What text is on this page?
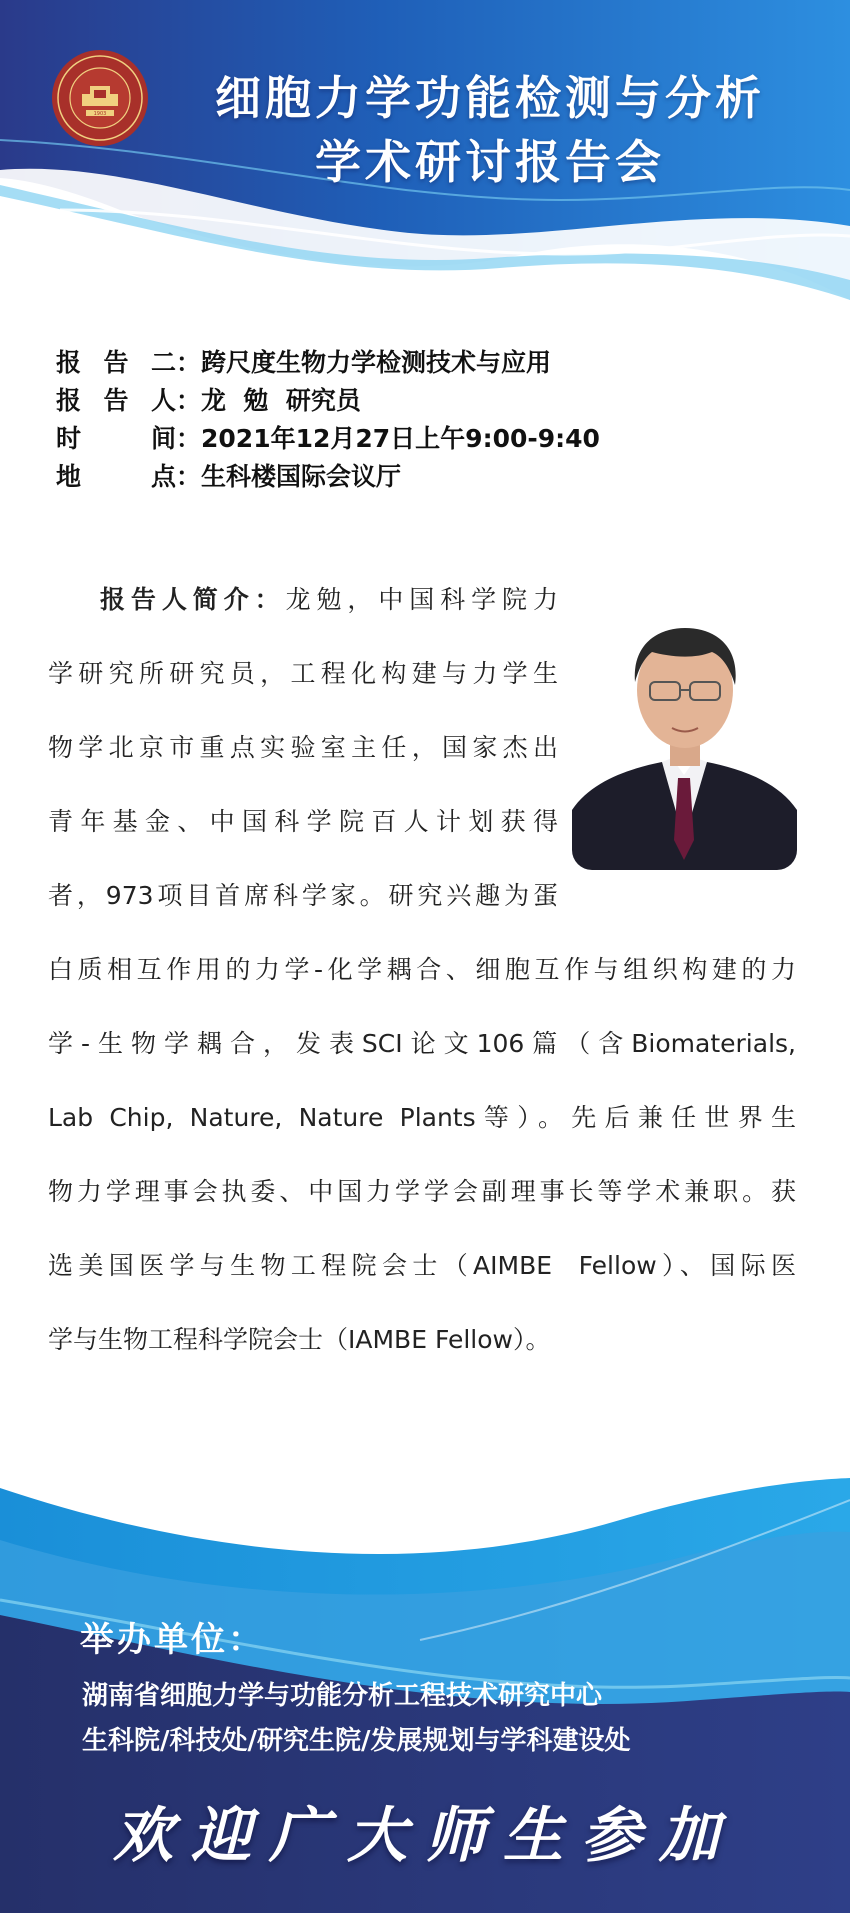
1903	细胞力学功能检测与分析
学术研讨报告会
报告二：跨尺度生物力学检测技术与应用
报告人：龙  勉  研究员
时 间：2021年12月27日上午9:00-9:40
地 点：生科楼国际会议厅
报告人简介：龙勉，中国科学院力
学研究所研究员，工程化构建与力学生
物学北京市重点实验室主任，国家杰出
青年基金、中国科学院百人计划获得
者，973项目首席科学家。研究兴趣为蛋
白质相互作用的力学-化学耦合、细胞互作与组织构建的力
学-生物学耦合，发表SCI论文106篇（含Biomaterials,
Lab Chip, Nature, Nature Plants等）。先后兼任世界生
物力学理事会执委、中国力学学会副理事长等学术兼职。获
选美国医学与生物工程院会士（AIMBE  Fellow）、国际医
学与生物工程科学院会士（IAMBE Fellow）。
举办单位：
湖南省细胞力学与功能分析工程技术研究中心
生科院/科技处/研究生院/发展规划与学科建设处
欢迎广大师生参加
